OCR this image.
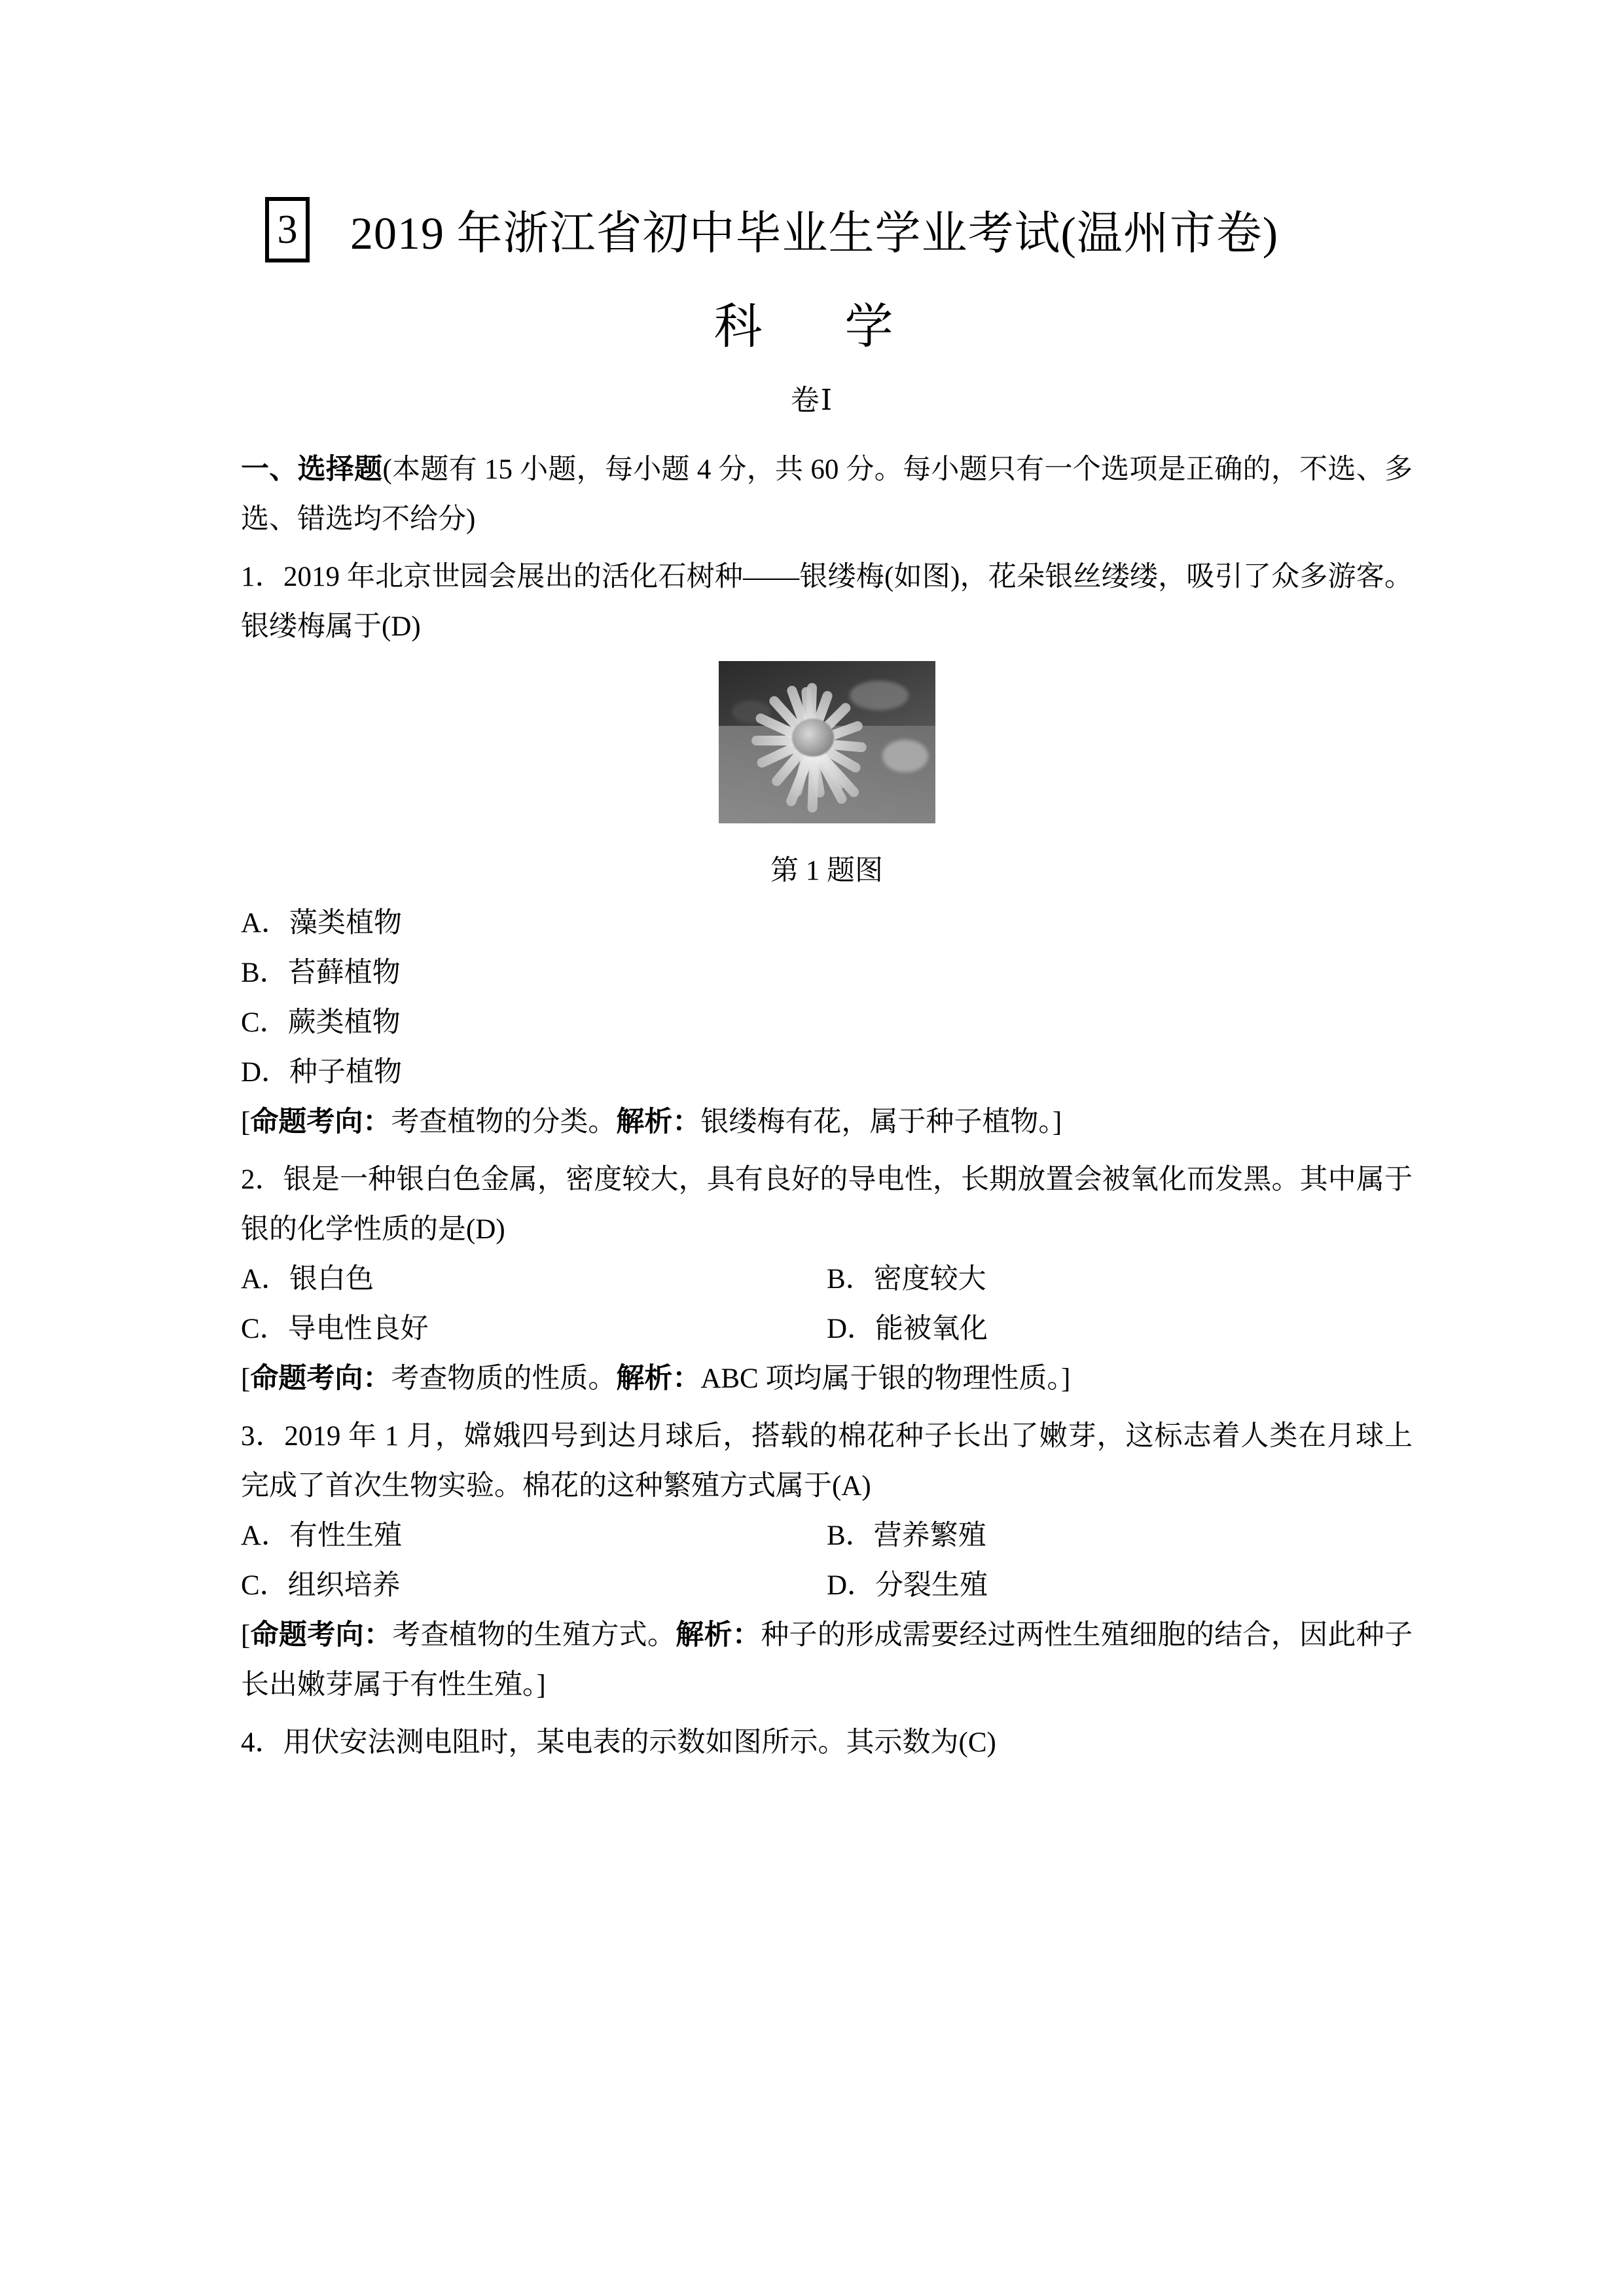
3 2019 年浙江省初中毕业生学业考试(温州市卷)
科　学
卷Ⅰ

一、选择题(本题有 15 小题，每小题 4 分，共 60 分。每小题只有一个选项是正确的，不选、多选、错选均不给分)

1．2019 年北京世园会展出的活化石树种——银缕梅(如图)，花朵银丝缕缕，吸引了众多游客。银缕梅属于(D)

第 1 题图

A．藻类植物

B．苔藓植物

C．蕨类植物

D．种子植物

[命题考向：考查植物的分类。解析：银缕梅有花，属于种子植物。]

2．银是一种银白色金属，密度较大，具有良好的导电性，长期放置会被氧化而发黑。其中属于银的化学性质的是(D)

A．银白色	B．密度较大
C．导电性良好	D．能被氧化

[命题考向：考查物质的性质。解析：ABC 项均属于银的物理性质。]

3．2019 年 1 月，嫦娥四号到达月球后，搭载的棉花种子长出了嫩芽，这标志着人类在月球上完成了首次生物实验。棉花的这种繁殖方式属于(A)

A．有性生殖	B．营养繁殖
C．组织培养	D．分裂生殖

[命题考向：考查植物的生殖方式。解析：种子的形成需要经过两性生殖细胞的结合，因此种子长出嫩芽属于有性生殖。]

4．用伏安法测电阻时，某电表的示数如图所示。其示数为(C)
